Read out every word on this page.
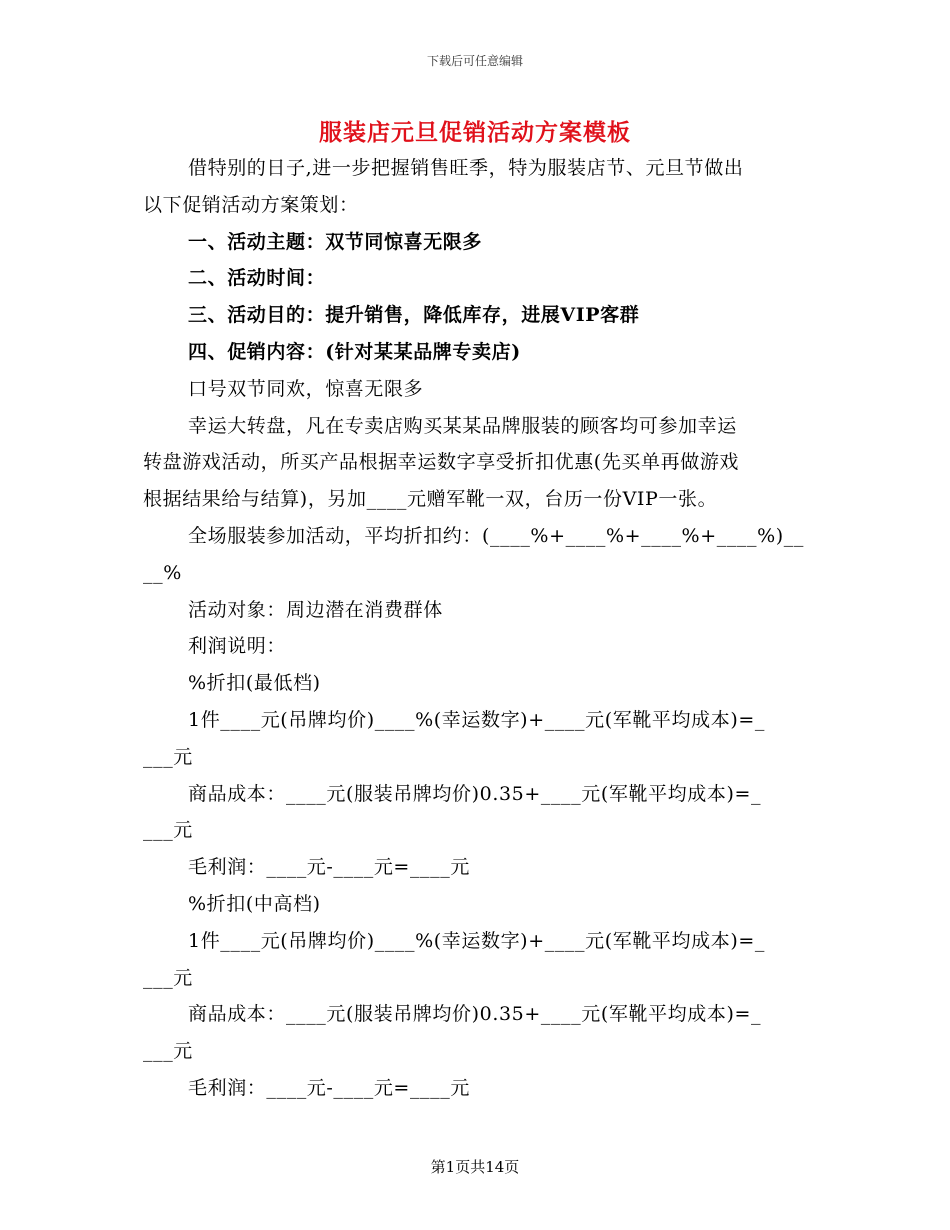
下载后可任意编辑
服装店元旦促销活动方案模板
借特别的日子,进一步把握销售旺季，特为服装店节、元旦节做出
以下促销活动方案策划：
一、活动主题：双节同惊喜无限多
二、活动时间：
三、活动目的：提升销售，降低库存，进展VIP客群
四、促销内容：(针对某某品牌专卖店)
口号双节同欢，惊喜无限多
幸运大转盘，凡在专卖店购买某某品牌服装的顾客均可参加幸运
转盘游戏活动，所买产品根据幸运数字享受折扣优惠(先买单再做游戏
根据结果给与结算)，另加____元赠军靴一双，台历一份VIP一张。
全场服装参加活动，平均折扣约：(____%+____%+____%+____%)__
__%
活动对象：周边潜在消费群体
利润说明：
%折扣(最低档)
1件____元(吊牌均价)____%(幸运数字)+____元(军靴平均成本)=_
___元
商品成本：____元(服装吊牌均价)0.35+____元(军靴平均成本)=_
___元
毛利润：____元-____元=____元
%折扣(中高档)
1件____元(吊牌均价)____%(幸运数字)+____元(军靴平均成本)=_
___元
商品成本：____元(服装吊牌均价)0.35+____元(军靴平均成本)=_
___元
毛利润：____元-____元=____元
第1页共14页
